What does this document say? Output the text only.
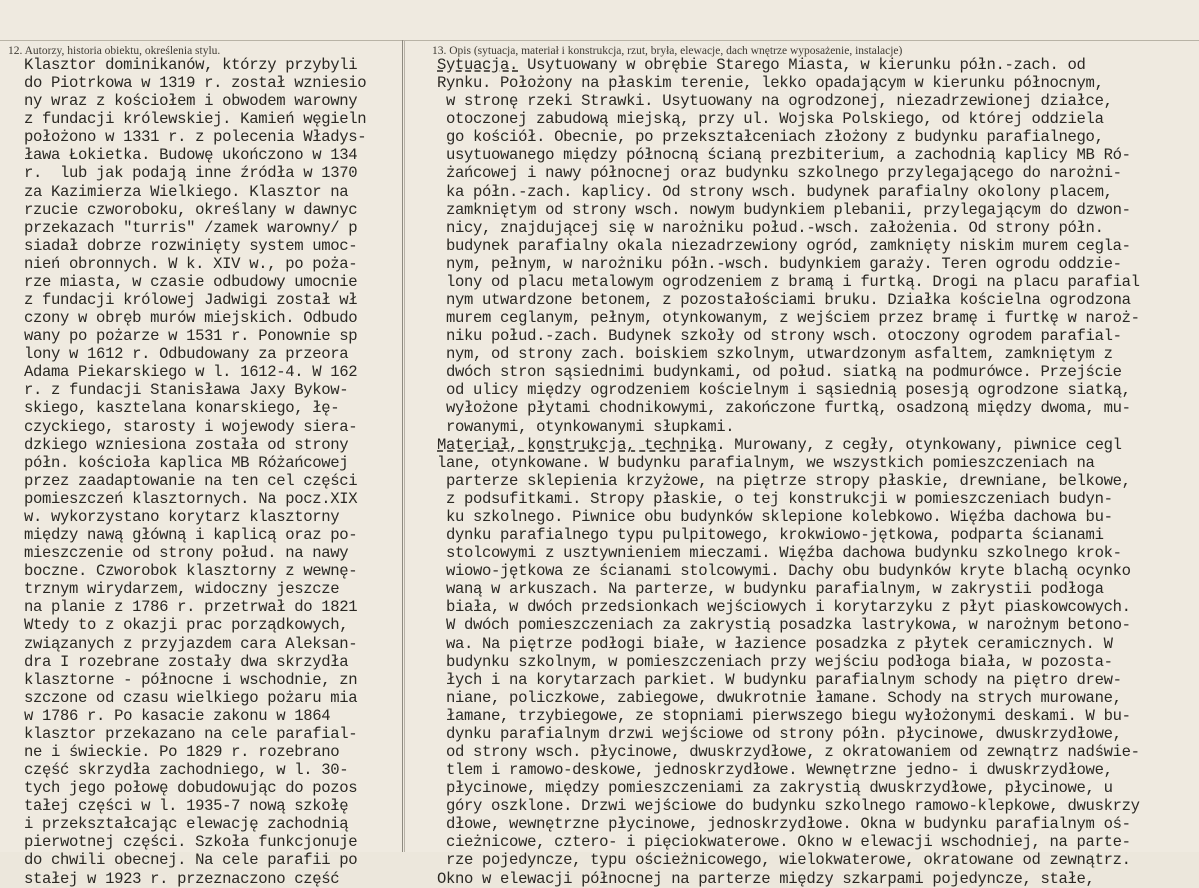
12. Autorzy, historia obiektu, określenia stylu.	13. Opis (sytuacja, materiał i konstrukcja, rzut, bryła, elewacje, dach wnętrze wyposażenie, instalacje)
Klasztor dominikanów, którzy przybyli
do Piotrkowa w 1319 r. został wzniesio
ny wraz z kościołem i obwodem warowny
z fundacji królewskiej. Kamień węgieln
położono w 1331 r. z polecenia Władys-
ława Łokietka. Budowę ukończono w 134
r.  lub jak podają inne źródła w 1370
za Kazimierza Wielkiego. Klasztor na
rzucie czworoboku, określany w dawnyc
przekazach "turris" /zamek warowny/ p
siadał dobrze rozwinięty system umoc-
nień obronnych. W k. XIV w., po poża-
rze miasta, w czasie odbudowy umocnie
z fundacji królowej Jadwigi został wł
czony w obręb murów miejskich. Odbudo
wany po pożarze w 1531 r. Ponownie sp
lony w 1612 r. Odbudowany za przeora
Adama Piekarskiego w l. 1612-4. W 162
r. z fundacji Stanisława Jaxy Bykow-
skiego, kasztelana konarskiego, łę-
czyckiego, starosty i wojewody siera-
dzkiego wzniesiona została od strony
półn. kościoła kaplica MB Różańcowej
przez zaadaptowanie na ten cel części
pomieszczeń klasztornych. Na pocz.XIX
w. wykorzystano korytarz klasztorny
między nawą główną i kaplicą oraz po-
mieszczenie od strony połud. na nawy
boczne. Czworobok klasztorny z wewnę-
trznym wirydarzem, widoczny jeszcze
na planie z 1786 r. przetrwał do 1821
Wtedy to z okazji prac porządkowych,
związanych z przyjazdem cara Aleksan-
dra I rozebrane zostały dwa skrzydła
klasztorne - północne i wschodnie, zn
szczone od czasu wielkiego pożaru mia
w 1786 r. Po kasacie zakonu w 1864
klasztor przekazano na cele parafial-
ne i świeckie. Po 1829 r. rozebrano
część skrzydła zachodniego, w l. 30-
tych jego połowę dobudowując do pozos
tałej części w l. 1935-7 nową szkołę
i przekształcając elewację zachodnią
pierwotnej części. Szkoła funkcjonuje
do chwili obecnej. Na cele parafii po
stałej w 1923 r. przeznaczono część
Sytuacja. Usytuowany w obrębie Starego Miasta, w kierunku półn.-zach. od
Rynku. Położony na płaskim terenie, lekko opadającym w kierunku północnym,
w stronę rzeki Strawki. Usytuowany na ogrodzonej, niezadrzewionej działce,
otoczonej zabudową miejską, przy ul. Wojska Polskiego, od której oddziela
go kościół. Obecnie, po przekształceniach złożony z budynku parafialnego,
usytuowanego między północną ścianą prezbiterium, a zachodnią kaplicy MB Ró-
żańcowej i nawy północnej oraz budynku szkolnego przylegającego do narożni-
ka półn.-zach. kaplicy. Od strony wsch. budynek parafialny okolony placem,
zamkniętym od strony wsch. nowym budynkiem plebanii, przylegającym do dzwon-
nicy, znajdującej się w narożniku połud.-wsch. założenia. Od strony półn.
budynek parafialny okala niezadrzewiony ogród, zamknięty niskim murem cegla-
nym, pełnym, w narożniku półn.-wsch. budynkiem garaży. Teren ogrodu oddzie-
lony od placu metalowym ogrodzeniem z bramą i furtką. Drogi na placu parafial
nym utwardzone betonem, z pozostałościami bruku. Działka kościelna ogrodzona
murem ceglanym, pełnym, otynkowanym, z wejściem przez bramę i furtkę w naroż-
niku połud.-zach. Budynek szkoły od strony wsch. otoczony ogrodem parafial-
nym, od strony zach. boiskiem szkolnym, utwardzonym asfaltem, zamkniętym z
dwóch stron sąsiednimi budynkami, od połud. siatką na podmurówce. Przejście
od ulicy między ogrodzeniem kościelnym i sąsiednią posesją ogrodzone siatką,
wyłożone płytami chodnikowymi, zakończone furtką, osadzoną między dwoma, mu-
rowanymi, otynkowanymi słupkami.
Materiał, konstrukcja, technika. Murowany, z cegły, otynkowany, piwnice cegl
lane, otynkowane. W budynku parafialnym, we wszystkich pomieszczeniach na
parterze sklepienia krzyżowe, na piętrze stropy płaskie, drewniane, belkowe,
z podsufitkami. Stropy płaskie, o tej konstrukcji w pomieszczeniach budyn-
ku szkolnego. Piwnice obu budynków sklepione kolebkowo. Więźba dachowa bu-
dynku parafialnego typu pulpitowego, krokwiowo-jętkowa, podparta ścianami
stolcowymi z usztywnieniem mieczami. Więźba dachowa budynku szkolnego krok-
wiowo-jętkowa ze ścianami stolcowymi. Dachy obu budynków kryte blachą ocynko
waną w arkuszach. Na parterze, w budynku parafialnym, w zakrystii podłoga
biała, w dwóch przedsionkach wejściowych i korytarzyku z płyt piaskowcowych.
W dwóch pomieszczeniach za zakrystią posadzka lastrykowa, w narożnym betono-
wa. Na piętrze podłogi białe, w łazience posadzka z płytek ceramicznych. W
budynku szkolnym, w pomieszczeniach przy wejściu podłoga biała, w pozosta-
łych i na korytarzach parkiet. W budynku parafialnym schody na piętro drew-
niane, policzkowe, zabiegowe, dwukrotnie łamane. Schody na strych murowane,
łamane, trzybiegowe, ze stopniami pierwszego biegu wyłożonymi deskami. W bu-
dynku parafialnym drzwi wejściowe od strony półn. płycinowe, dwuskrzydłowe,
od strony wsch. płycinowe, dwuskrzydłowe, z okratowaniem od zewnątrz nadświe-
tlem i ramowo-deskowe, jednoskrzydłowe. Wewnętrzne jedno- i dwuskrzydłowe,
płycinowe, między pomieszczeniami za zakrystią dwuskrzydłowe, płycinowe, u
góry oszklone. Drzwi wejściowe do budynku szkolnego ramowo-klepkowe, dwuskrzy
dłowe, wewnętrzne płycinowe, jednoskrzydłowe. Okna w budynku parafialnym oś-
cieżnicowe, cztero- i pięciokwaterowe. Okno w elewacji wschodniej, na parte-
rze pojedyncze, typu ościeżnicowego, wielokwaterowe, okratowane od zewnątrz.
Okno w elewacji północnej na parterze między szkarpami pojedyncze, stałe,
